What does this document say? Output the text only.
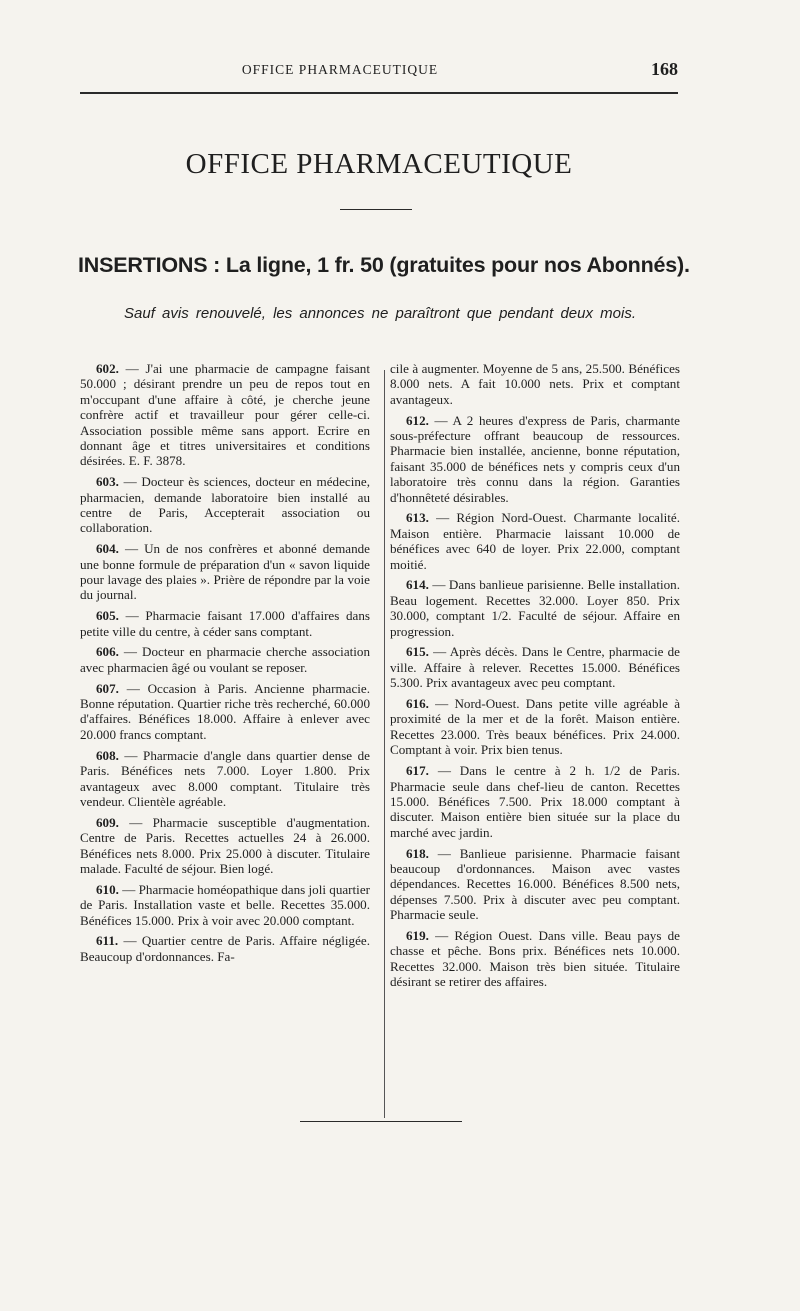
OFFICE PHARMACEUTIQUE	168
OFFICE PHARMACEUTIQUE
INSERTIONS : La ligne, 1 fr. 50 (gratuites pour nos Abonnés).
Sauf avis renouvelé, les annonces ne paraîtront que pendant deux mois.

602. — J'ai une pharmacie de campagne faisant 50.000 ; désirant prendre un peu de repos tout en m'occupant d'une affaire à côté, je cherche jeune confrère actif et travailleur pour gérer celle-ci. Association possible même sans apport. Ecrire en donnant âge et titres universitaires et conditions désirées. E. F. 3878.

603. — Docteur ès sciences, docteur en médecine, pharmacien, demande laboratoire bien installé au centre de Paris, Accepterait association ou collaboration.

604. — Un de nos confrères et abonné demande une bonne formule de préparation d'un « savon liquide pour lavage des plaies ». Prière de répondre par la voie du journal.

605. — Pharmacie faisant 17.000 d'affaires dans petite ville du centre, à céder sans comptant.

606. — Docteur en pharmacie cherche association avec pharmacien âgé ou voulant se reposer.

607. — Occasion à Paris. Ancienne pharmacie. Bonne réputation. Quartier riche très recherché, 60.000 d'affaires. Bénéfices 18.000. Affaire à enlever avec 20.000 francs comptant.

608. — Pharmacie d'angle dans quartier dense de Paris. Bénéfices nets 7.000. Loyer 1.800. Prix avantageux avec 8.000 comptant. Titulaire très vendeur. Clientèle agréable.

609. — Pharmacie susceptible d'augmentation. Centre de Paris. Recettes actuelles 24 à 26.000. Bénéfices nets 8.000. Prix 25.000 à discuter. Titulaire malade. Faculté de séjour. Bien logé.

610. — Pharmacie homéopathique dans joli quartier de Paris. Installation vaste et belle. Recettes 35.000. Bénéfices 15.000. Prix à voir avec 20.000 comptant.

611. — Quartier centre de Paris. Affaire négligée. Beaucoup d'ordonnances. Fa-

cile à augmenter. Moyenne de 5 ans, 25.500. Bénéfices 8.000 nets. A fait 10.000 nets. Prix et comptant avantageux.

612. — A 2 heures d'express de Paris, charmante sous-préfecture offrant beaucoup de ressources. Pharmacie bien installée, ancienne, bonne réputation, faisant 35.000 de bénéfices nets y compris ceux d'un laboratoire très connu dans la région. Garanties d'honnêteté désirables.

613. — Région Nord-Ouest. Charmante localité. Maison entière. Pharmacie laissant 10.000 de bénéfices avec 640 de loyer. Prix 22.000, comptant moitié.

614. — Dans banlieue parisienne. Belle installation. Beau logement. Recettes 32.000. Loyer 850. Prix 30.000, comptant 1/2. Faculté de séjour. Affaire en progression.

615. — Après décès. Dans le Centre, pharmacie de ville. Affaire à relever. Recettes 15.000. Bénéfices 5.300. Prix avantageux avec peu comptant.

616. — Nord-Ouest. Dans petite ville agréable à proximité de la mer et de la forêt. Maison entière. Recettes 23.000. Très beaux bénéfices. Prix 24.000. Comptant à voir. Prix bien tenus.

617. — Dans le centre à 2 h. 1/2 de Paris. Pharmacie seule dans chef-lieu de canton. Recettes 15.000. Bénéfices 7.500. Prix 18.000 comptant à discuter. Maison entière bien située sur la place du marché avec jardin.

618. — Banlieue parisienne. Pharmacie faisant beaucoup d'ordonnances. Maison avec vastes dépendances. Recettes 16.000. Bénéfices 8.500 nets, dépenses 7.500. Prix à discuter avec peu comptant. Pharmacie seule.

619. — Région Ouest. Dans ville. Beau pays de chasse et pêche. Bons prix. Bénéfices nets 10.000. Recettes 32.000. Maison très bien située. Titulaire désirant se retirer des affaires.
